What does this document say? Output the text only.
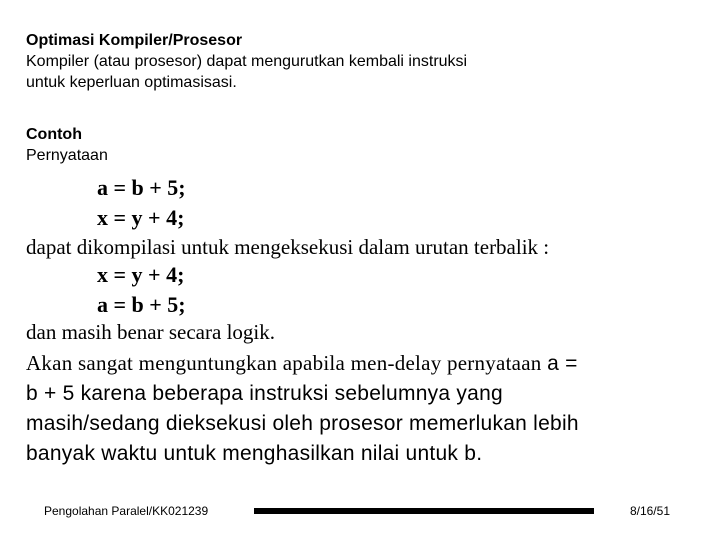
Optimasi Kompiler/Prosesor
Kompiler (atau prosesor) dapat mengurutkan kembali instruksi
untuk keperluan optimasisasi.
Contoh
Pernyataan
a = b + 5;
x = y + 4;
dapat dikompilasi untuk mengeksekusi dalam urutan terbalik :
x = y + 4;
a = b + 5;
dan masih benar secara logik.
Akan sangat menguntungkan apabila men-delay pernyataan a =
b + 5 karena beberapa instruksi sebelumnya yang
masih/sedang dieksekusi oleh prosesor memerlukan lebih
banyak waktu untuk menghasilkan nilai untuk b.
Pengolahan Paralel/KK021239	8/16/51
